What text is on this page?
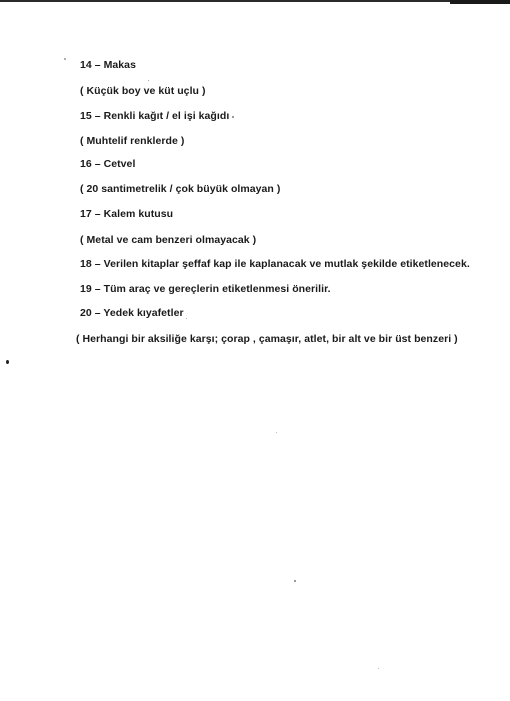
14 – Makas
( Küçük boy ve küt uçlu )
15 – Renkli kağıt / el işi kağıdı
( Muhtelif renklerde )
16 – Cetvel
( 20 santimetrelik / çok büyük olmayan )
17 – Kalem kutusu
( Metal ve cam benzeri olmayacak )
18 – Verilen kitaplar şeffaf kap ile kaplanacak ve mutlak şekilde etiketlenecek.
19 – Tüm araç ve gereçlerin etiketlenmesi önerilir.
20 – Yedek kıyafetler
( Herhangi bir aksiliğe karşı; çorap , çamaşır, atlet, bir alt ve bir üst benzeri )
